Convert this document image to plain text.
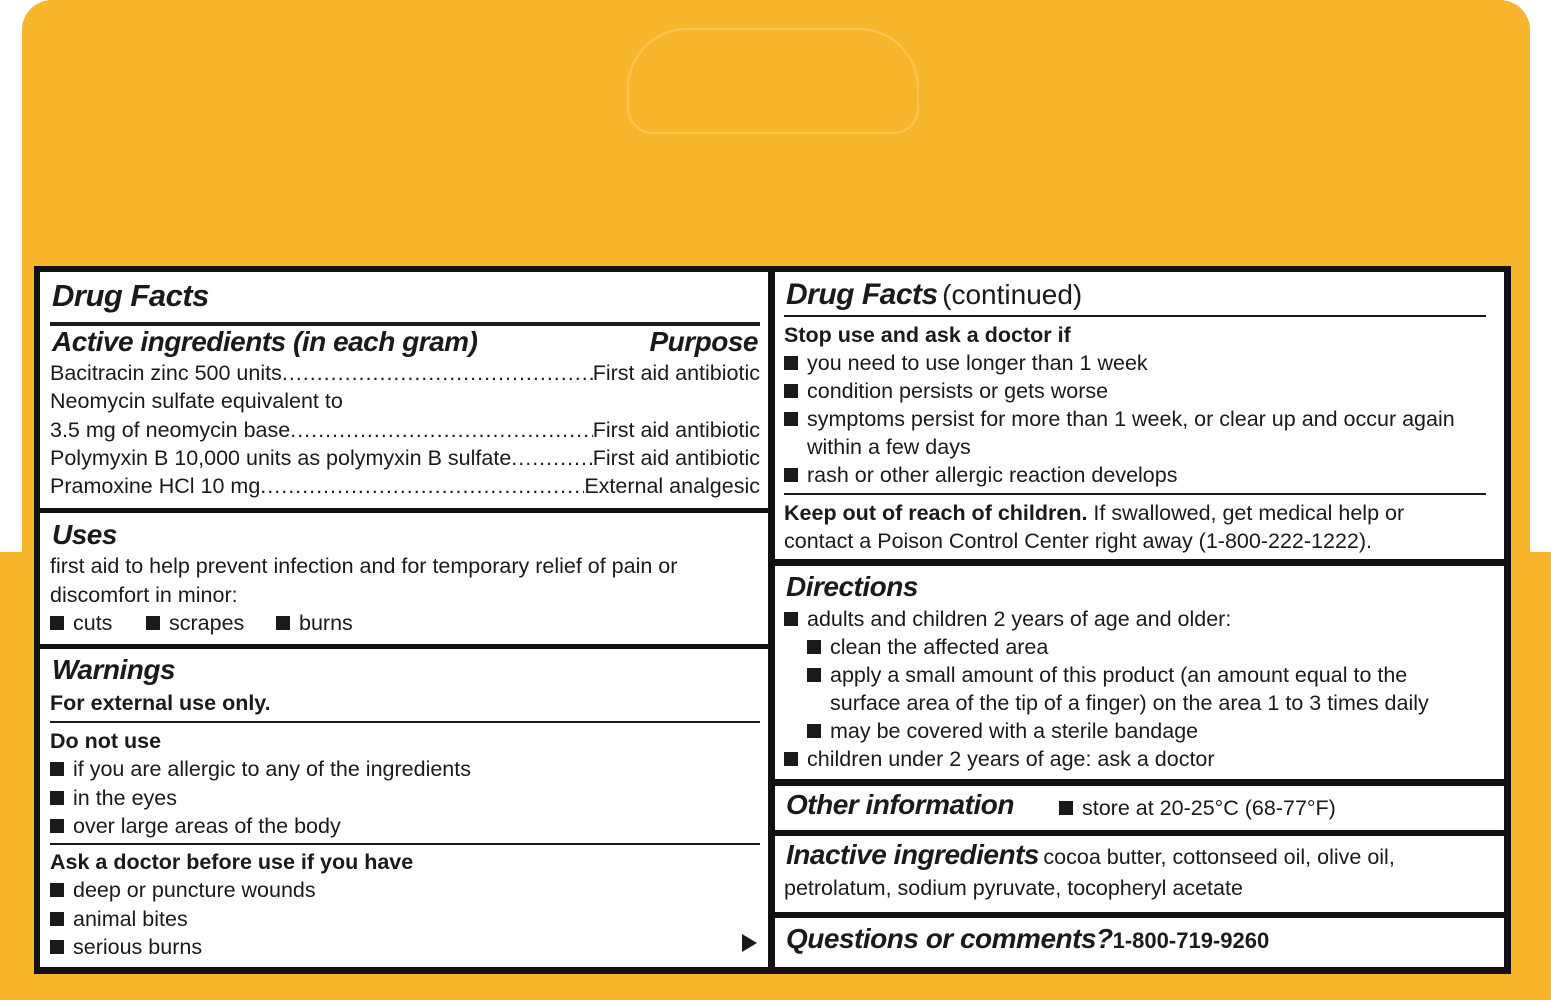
Drug Facts
Active ingredients (in each gram)	Purpose
Bacitracin zinc 500 units .....	First aid antibiotic
Neomycin sulfate equivalent to
3.5 mg of neomycin base .....	First aid antibiotic
Polymyxin B 10,000 units as polymyxin B sulfate .....	First aid antibiotic
Pramoxine HCl 10 mg .....	External analgesic
Uses
first aid to help prevent infection and for temporary relief of pain or
discomfort in minor:
cuts	scrapes	burns
Warnings
For external use only.
Do not use
if you are allergic to any of the ingredients
in the eyes
over large areas of the body
Ask a doctor before use if you have
deep or puncture wounds
animal bites
serious burns
Drug Facts (continued)
Stop use and ask a doctor if
you need to use longer than 1 week
condition persists or gets worse
symptoms persist for more than 1 week, or clear up and occur again
within a few days
rash or other allergic reaction develops
Keep out of reach of children. If swallowed, get medical help or
contact a Poison Control Center right away (1-800-222-1222).
Directions
adults and children 2 years of age and older:
clean the affected area
apply a small amount of this product (an amount equal to the
surface area of the tip of a finger) on the area 1 to 3 times daily
may be covered with a sterile bandage
children under 2 years of age: ask a doctor
Other information	store at 20-25°C (68-77°F)
Inactive ingredients cocoa butter, cottonseed oil, olive oil,
petrolatum, sodium pyruvate, tocopheryl acetate
Questions or comments?1-800-719-9260
